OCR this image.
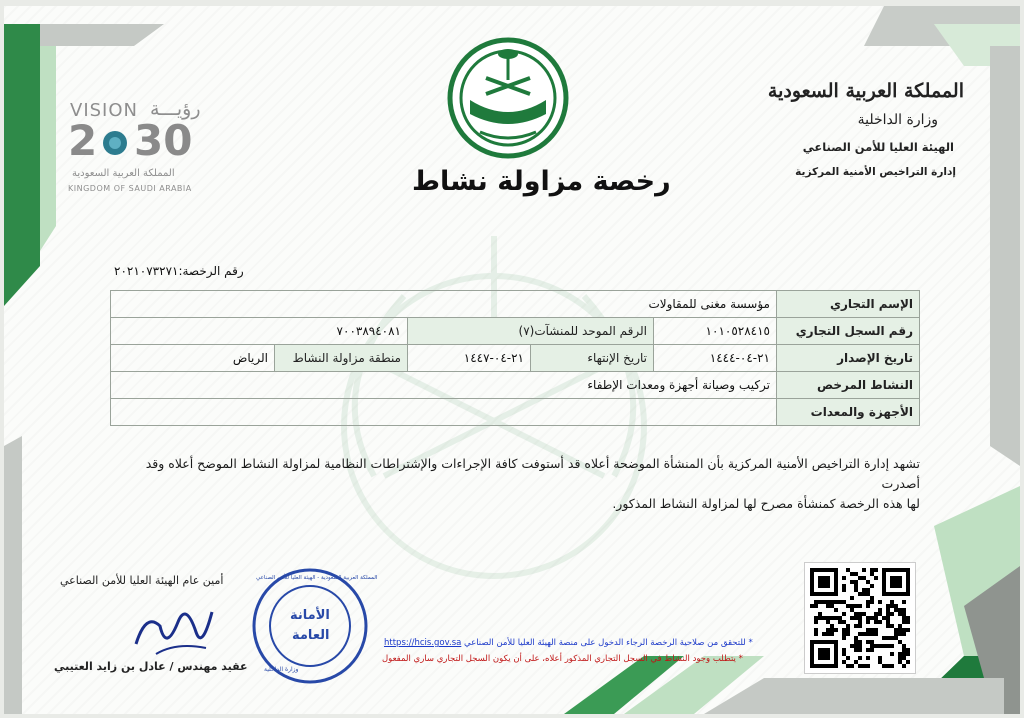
VISION رؤيـــة
2 30
المملكة العربية السعودية
KINGDOM OF SAUDI ARABIA	رخصة مزاولة نشاط
المملكة العربية السعودية
وزارة الداخلية
الهيئة العليا للأمن الصناعي
إدارة التراخيص الأمنية المركزية
رقم الرخصة:٢٠٢١٠٧٣٢٧١
الإسم التجاري	مؤسسة مغنى للمقاولات				
رقم السجل التجاري	١٠١٠٥٢٨٤١٥	الرقم الموحد للمنشآت(٧)		٧٠٠٣٨٩٤٠٨١	
تاريخ الإصدار	٢١-٠٤-١٤٤٤	تاريخ الإنتهاء	٢١-٠٤-١٤٤٧	منطقة مزاولة النشاط	الرياض
النشاط المرخص	تركيب وصيانة أجهزة ومعدات الإطفاء				
الأجهزة والمعدات					
تشهد إدارة التراخيص الأمنية المركزية بأن المنشأة الموضحة أعلاه قد أستوفت كافة الإجراءات والإشتراطات النظامية لمزاولة النشاط الموضح أعلاه وقد أصدرت
لها هذه الرخصة كمنشأة مصرح لها لمزاولة النشاط المذكور.
أمين عام الهيئة العليا للأمن الصناعي
عقيد مهندس / عادل بن زايد العتيبي
المملكة العربية السعودية - الهيئة العليا للأمن الصناعي
الأمانة
العامة
وزارة الداخلية
* للتحقق من صلاحية الرخصة الرجاء الدخول على منصة الهيئة العليا للأمن الصناعي https://hcis.gov.sa
* يتطلب وجود النشاط في السجل التجاري المذكور أعلاه، على أن يكون السجل التجاري ساري المفعول
